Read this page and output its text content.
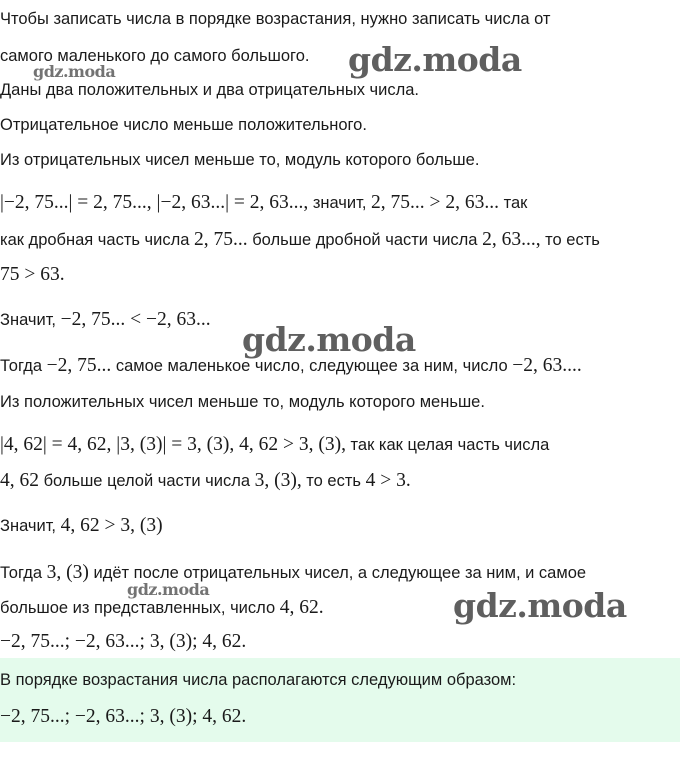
Чтобы записать числа в порядке возрастания, нужно записать числа от
самого маленького до самого большого.
Даны два положительных и два отрицательных числа.
Отрицательное число меньше положительного.
Из отрицательных чисел меньше то, модуль которого больше.
|−2, 75...| = 2, 75..., |−2, 63...| = 2, 63..., значит, 2, 75... > 2, 63... так
как дробная часть числа 2, 75... больше дробной части числа 2, 63..., то есть
75 > 63.
Значит, −2, 75... < −2, 63...
Тогда −2, 75... самое маленькое число, следующее за ним, число −2, 63....
Из положительных чисел меньше то, модуль которого меньше.
|4, 62| = 4, 62, |3, (3)| = 3, (3), 4, 62 > 3, (3), так как целая часть числа
4, 62 больше целой части числа 3, (3), то есть 4 > 3.
Значит, 4, 62 > 3, (3)
Тогда 3, (3) идёт после отрицательных чисел, а следующее за ним, и самое
большое из представленных, число 4, 62.
−2, 75...; −2, 63...; 3, (3); 4, 62.
В порядке возрастания числа располагаются следующим образом:
−2, 75...; −2, 63...; 3, (3); 4, 62.
gdz.moda
gdz.moda
gdz.moda
gdz.moda	gdz.moda
